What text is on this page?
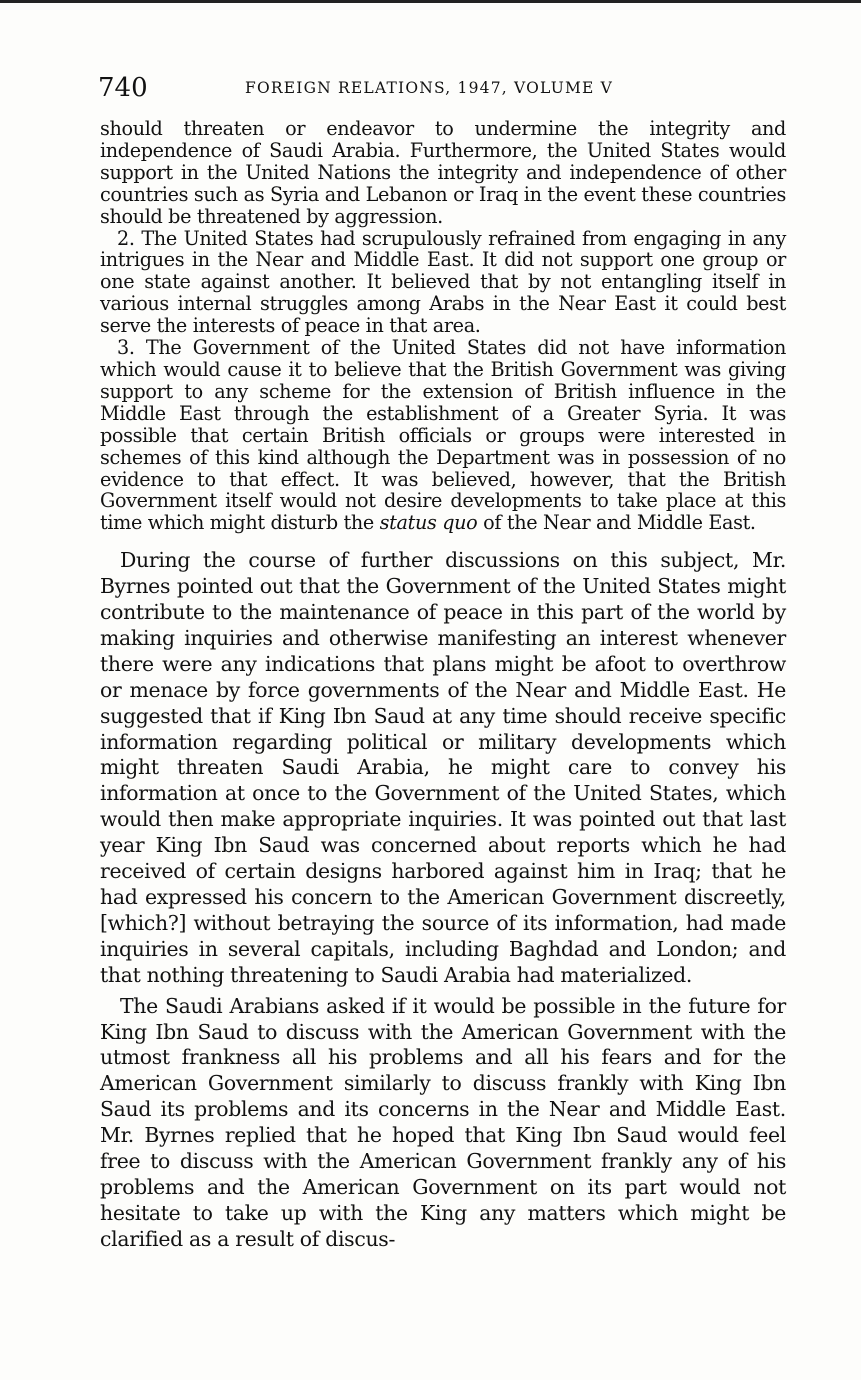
740	FOREIGN RELATIONS, 1947, VOLUME V

should threaten or endeavor to undermine the integrity and independence of Saudi Arabia. Furthermore, the United States would support in the United Nations the integrity and independence of other countries such as Syria and Lebanon or Iraq in the event these countries should be threatened by aggression.

2. The United States had scrupulously refrained from engaging in any intrigues in the Near and Middle East. It did not support one group or one state against another. It believed that by not entangling itself in various internal struggles among Arabs in the Near East it could best serve the interests of peace in that area.

3. The Government of the United States did not have information which would cause it to believe that the British Government was giving support to any scheme for the extension of British influence in the Middle East through the establishment of a Greater Syria. It was possible that certain British officials or groups were interested in schemes of this kind although the Department was in possession of no evidence to that effect. It was believed, however, that the British Government itself would not desire developments to take place at this time which might disturb the status quo of the Near and Middle East.

During the course of further discussions on this subject, Mr. Byrnes pointed out that the Government of the United States might contribute to the maintenance of peace in this part of the world by making inquiries and otherwise manifesting an interest whenever there were any indications that plans might be afoot to overthrow or menace by force governments of the Near and Middle East. He suggested that if King Ibn Saud at any time should receive specific information regarding political or military developments which might threaten Saudi Arabia, he might care to convey his information at once to the Government of the United States, which would then make appropriate inquiries. It was pointed out that last year King Ibn Saud was concerned about reports which he had received of certain designs harbored against him in Iraq; that he had expressed his concern to the American Government discreetly, [which?] without betraying the source of its information, had made inquiries in several capitals, including Baghdad and London; and that nothing threatening to Saudi Arabia had materialized.

The Saudi Arabians asked if it would be possible in the future for King Ibn Saud to discuss with the American Government with the utmost frankness all his problems and all his fears and for the American Government similarly to discuss frankly with King Ibn Saud its problems and its concerns in the Near and Middle East. Mr. Byrnes replied that he hoped that King Ibn Saud would feel free to discuss with the American Government frankly any of his problems and the American Government on its part would not hesitate to take up with the King any matters which might be clarified as a result of discus-
